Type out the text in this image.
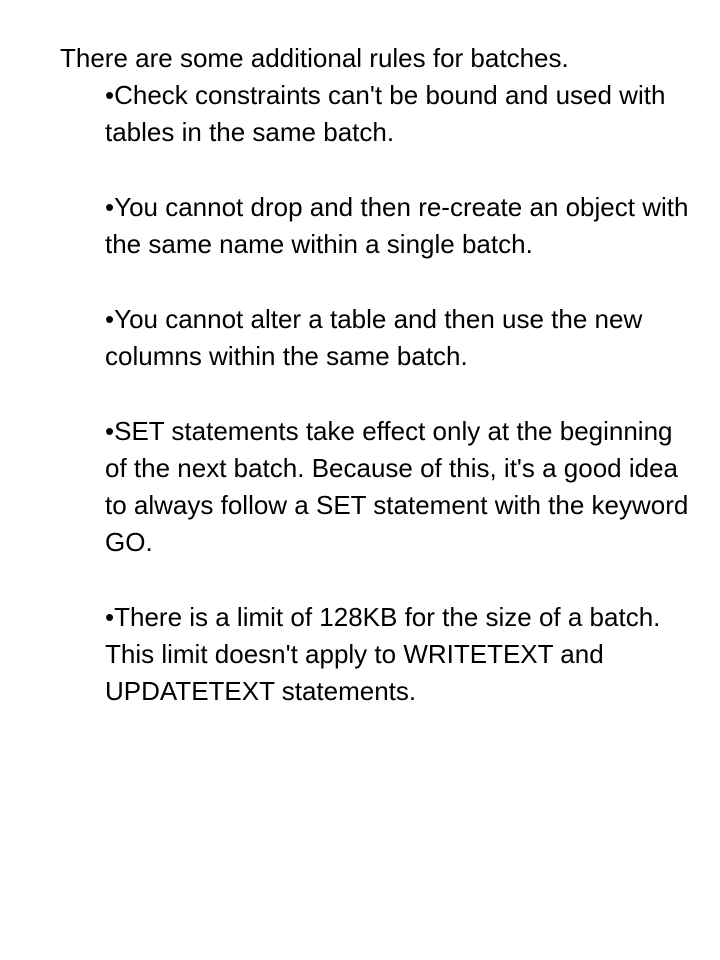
There are some additional rules for batches.

•Check constraints can't be bound and used with tables in the same batch.
•You cannot drop and then re-create an object with the same name within a single batch.
•You cannot alter a table and then use the new columns within the same batch.
•SET statements take effect only at the beginning of the next batch. Because of this, it's a good idea to always follow a SET statement with the keyword GO.
•There is a limit of 128KB for the size of a batch. This limit doesn't apply to WRITETEXT and UPDATETEXT statements.
